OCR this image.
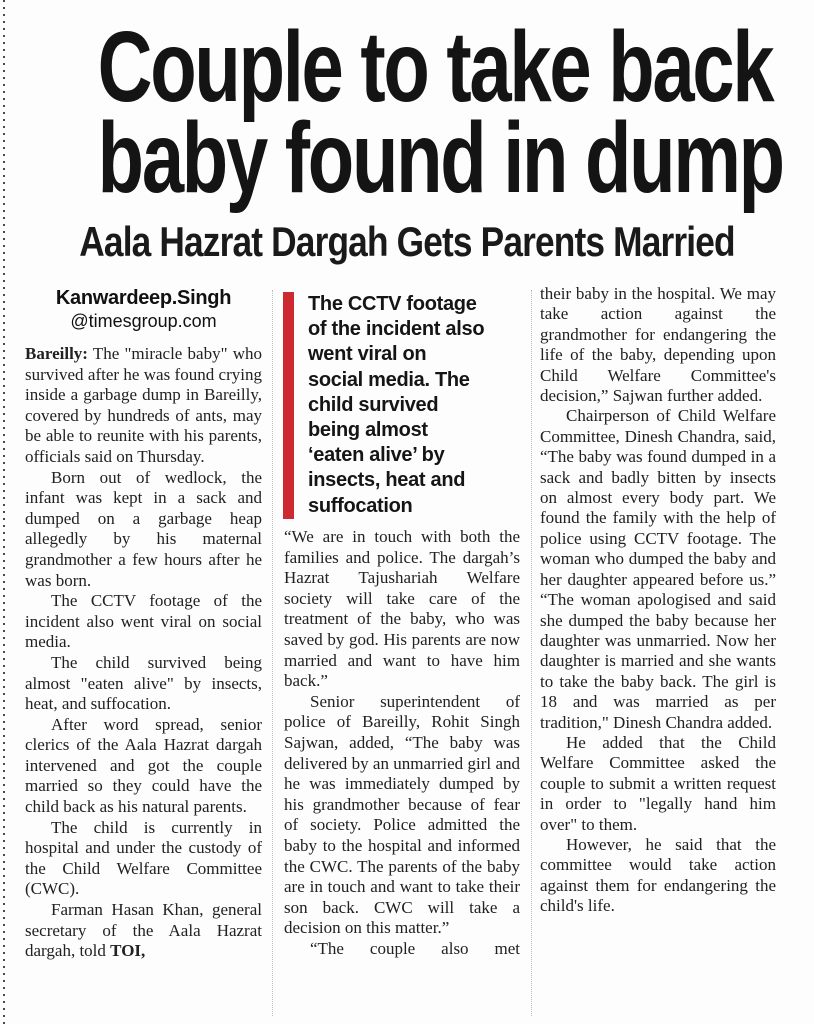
Couple to take back
baby found in dump
Aala Hazrat Dargah Gets Parents Married
Kanwardeep.Singh
@timesgroup.com

Bareilly: The "miracle baby" who survived after he was found crying inside a garbage dump in Bareilly, covered by hundreds of ants, may be able to reunite with his parents, officials said on Thursday.

Born out of wedlock, the infant was kept in a sack and dumped on a garbage heap allegedly by his maternal grandmother a few hours after he was born.

The CCTV footage of the incident also went viral on social media.

The child survived being almost "eaten alive" by insects, heat, and suffocation.

After word spread, senior clerics of the Aala Hazrat dargah intervened and got the couple married so they could have the child back as his natural parents.

The child is currently in hospital and under the custody of the Child Welfare Committee (CWC).

Farman Hasan Khan, general secretary of the Aala Hazrat dargah, told TOI,

The CCTV footage
of the incident also
went viral on
social media. The
child survived
being almost
‘eaten alive’ by
insects, heat and
suffocation

“We are in touch with both the families and police. The dargah’s Hazrat Tajushariah Welfare society will take care of the treatment of the baby, who was saved by god. His parents are now married and want to have him back.”

Senior superintendent of police of Bareilly, Rohit Singh Sajwan, added, “The baby was delivered by an unmarried girl and he was immediately dumped by his grandmother because of fear of society. Police admitted the baby to the hospital and informed the CWC. The parents of the baby are in touch and want to take their son back. CWC will take a decision on this matter.”

“The couple also met

their baby in the hospital. We may take action against the grandmother for endangering the life of the baby, depending upon Child Welfare Committee's decision,” Sajwan further added.

Chairperson of Child Welfare Committee, Dinesh Chandra, said, “The baby was found dumped in a sack and badly bitten by insects on almost every body part. We found the family with the help of police using CCTV footage. The woman who dumped the baby and her daughter appeared before us.” “The woman apologised and said she dumped the baby because her daughter was unmarried. Now her daughter is married and she wants to take the baby back. The girl is 18 and was married as per tradition," Dinesh Chandra added.

He added that the Child Welfare Committee asked the couple to submit a written request in order to "legally hand him over" to them.

However, he said that the committee would take action against them for endangering the child's life.
